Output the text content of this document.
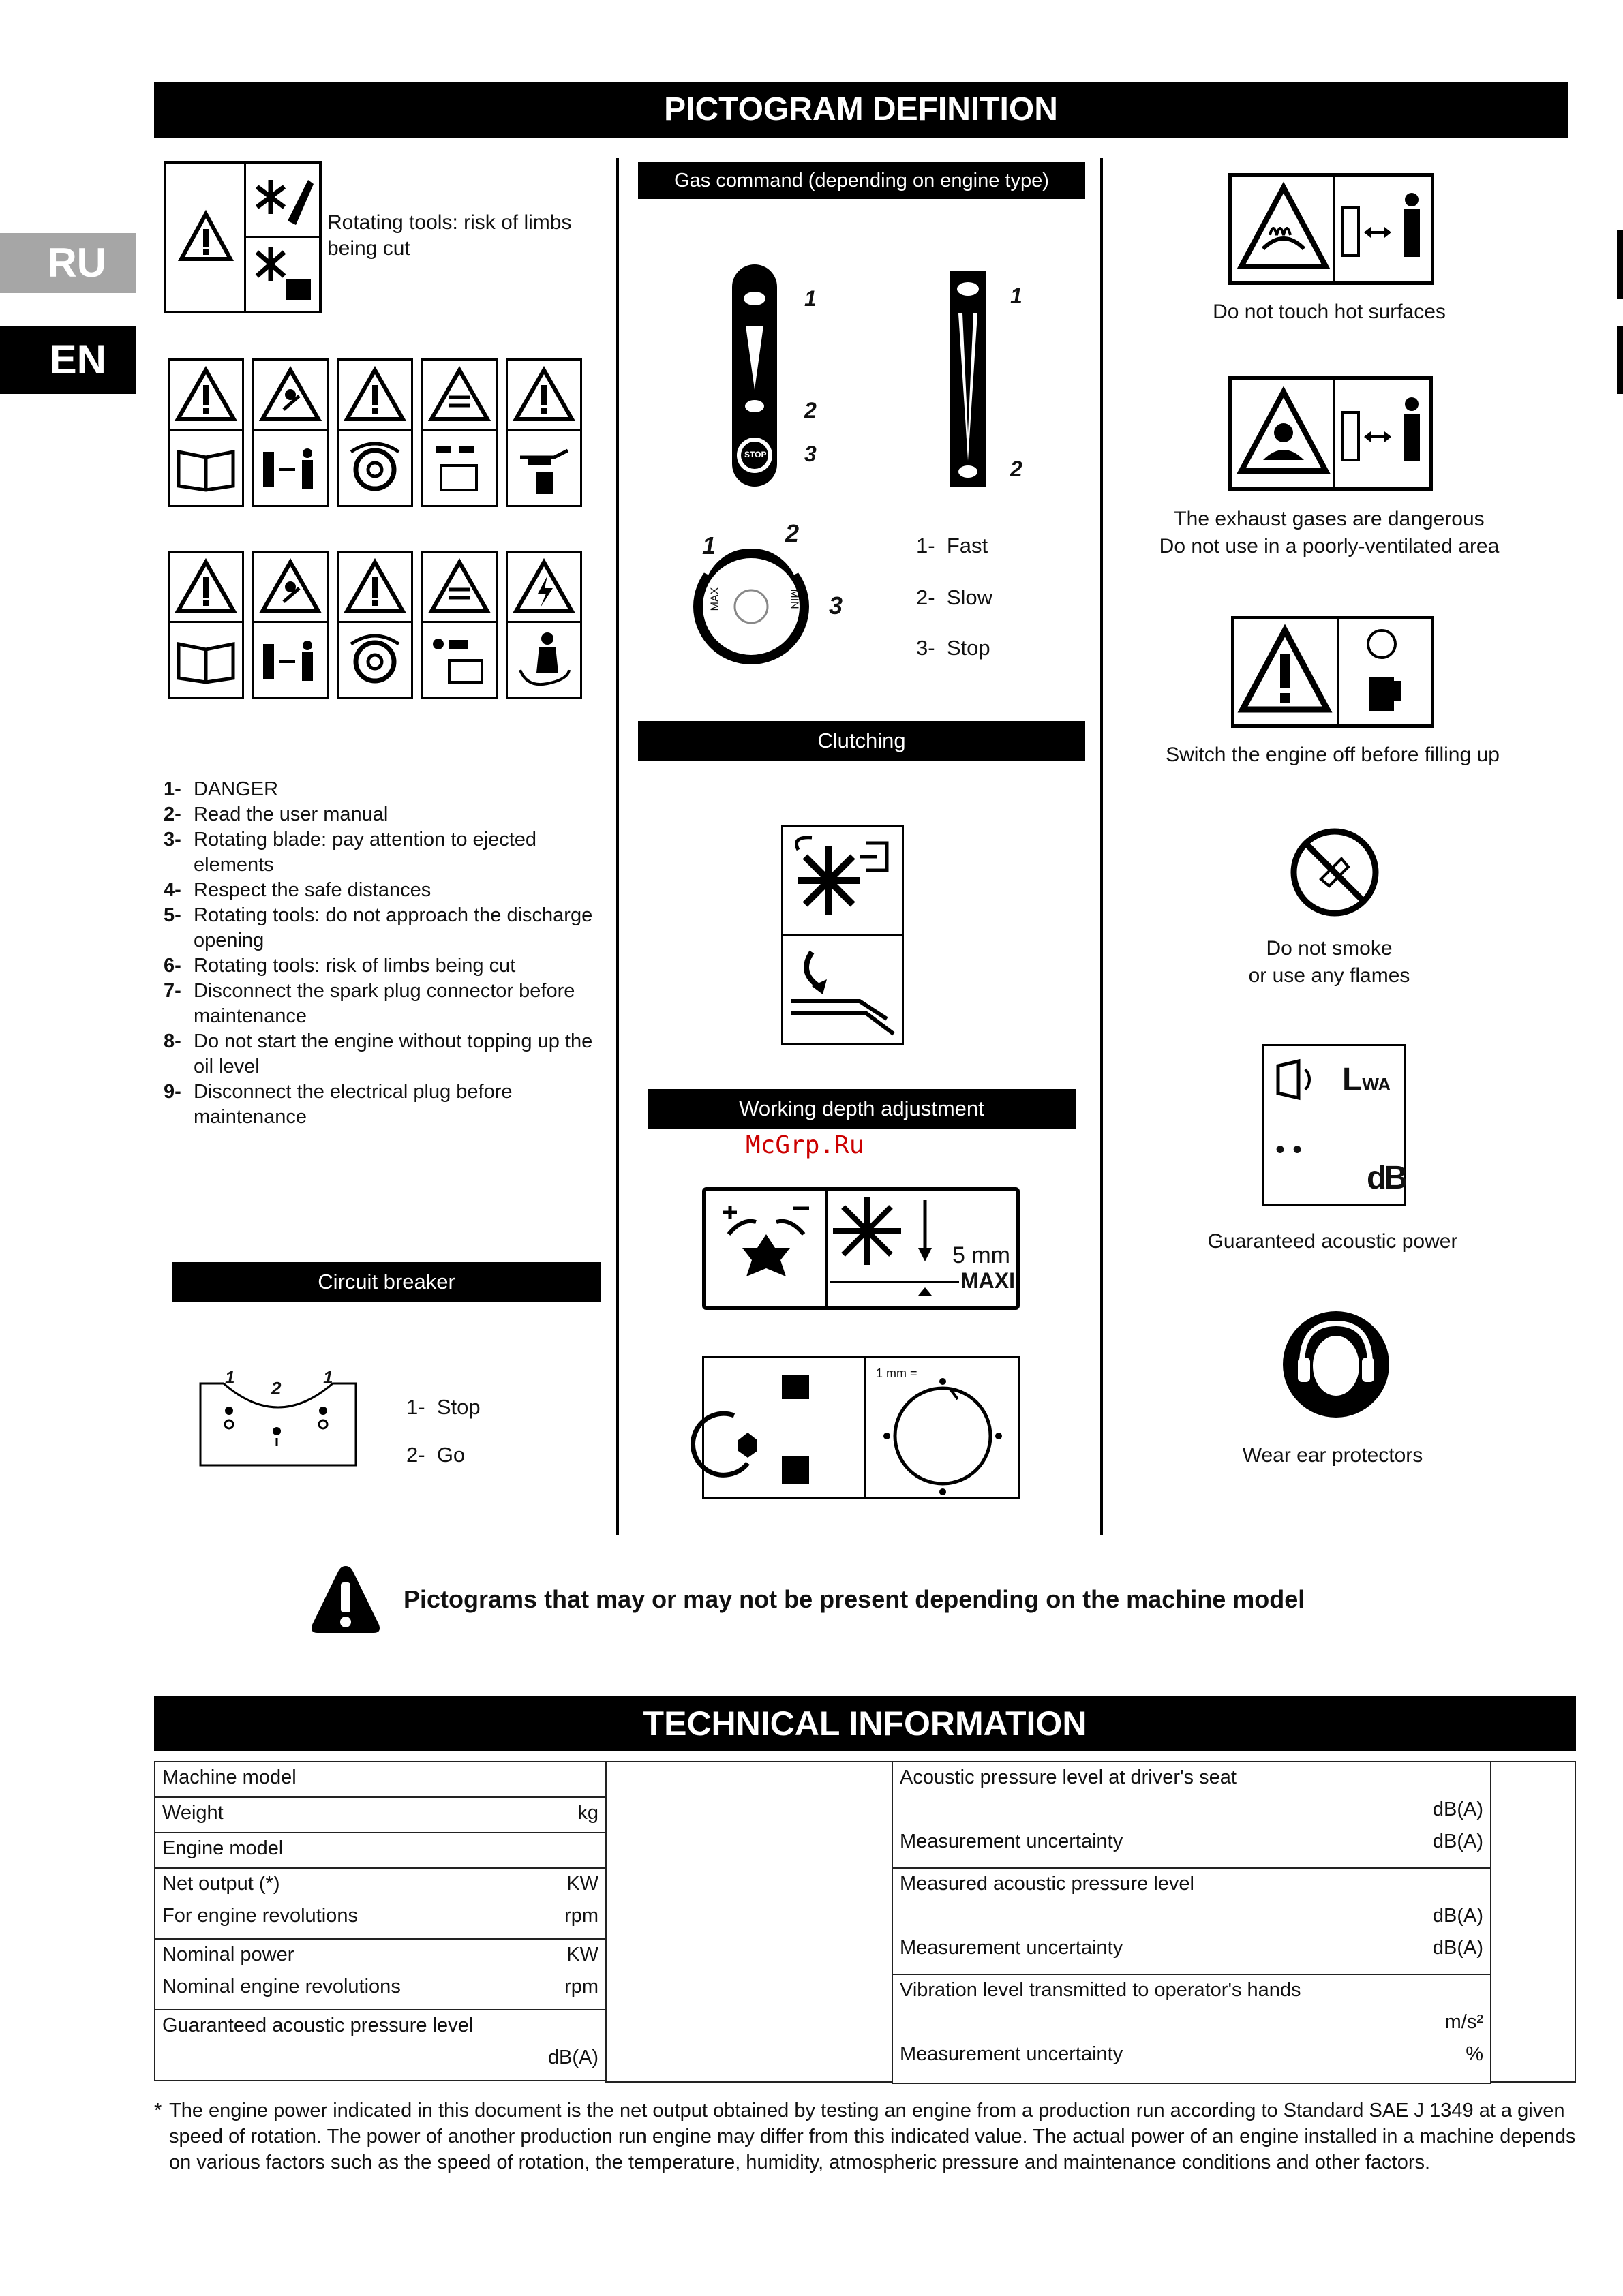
RU
EN
PICTOGRAM DEFINITION
Rotating tools: risk of limbs being cut
1- DANGER
2- Read the user manual
3- Rotating blade: pay attention to ejected elements
4- Respect the safe distances
5- Rotating tools: do not approach the discharge opening
6- Rotating tools: risk of limbs being cut
7- Disconnect the spark plug connector before maintenance
8- Do not start the engine without topping up the oil level
9- Disconnect the electrical plug before maintenance
Circuit breaker
1
2
1
1- Stop
2- Go
Gas command (depending on engine type)
STOP
1
2
3
1
2
MAX	MIN
1	2
3
1- Fast
2- Slow
3- Stop
Clutching
Working depth adjustment
McGrp.Ru
5 mm
MAXI
1 mm =
Do not touch hot surfaces
The exhaust gases are dangerous
Do not use in a poorly-ventilated area
Switch the engine off before filling up
Do not smoke
or use any flames
LWA
• •
dB
Guaranteed acoustic power
Wear ear protectors
Pictograms that may or may not be present depending on the machine model
TECHNICAL INFORMATION
Machine model

Weight	kg

Engine model

Net output (*)	KW
For engine revolutions	rpm

Nominal power	KW
Nominal engine revolutions	rpm

Guaranteed acoustic pressure level
dB(A)
Acoustic pressure level at driver's seat
dB(A)
Measurement uncertainty	dB(A)

Measured acoustic pressure level
dB(A)
Measurement uncertainty	dB(A)

Vibration level transmitted to operator's hands
m/s²
Measurement uncertainty	%
* The engine power indicated in this document is the net output obtained by testing an engine from a production run according to Standard SAE J 1349 at a given speed of rotation. The power of another production run engine may differ from this indicated value. The actual power of an engine installed in a machine depends on various factors such as the speed of rotation, the temperature, humidity, atmospheric pressure and maintenance conditions and other factors.
